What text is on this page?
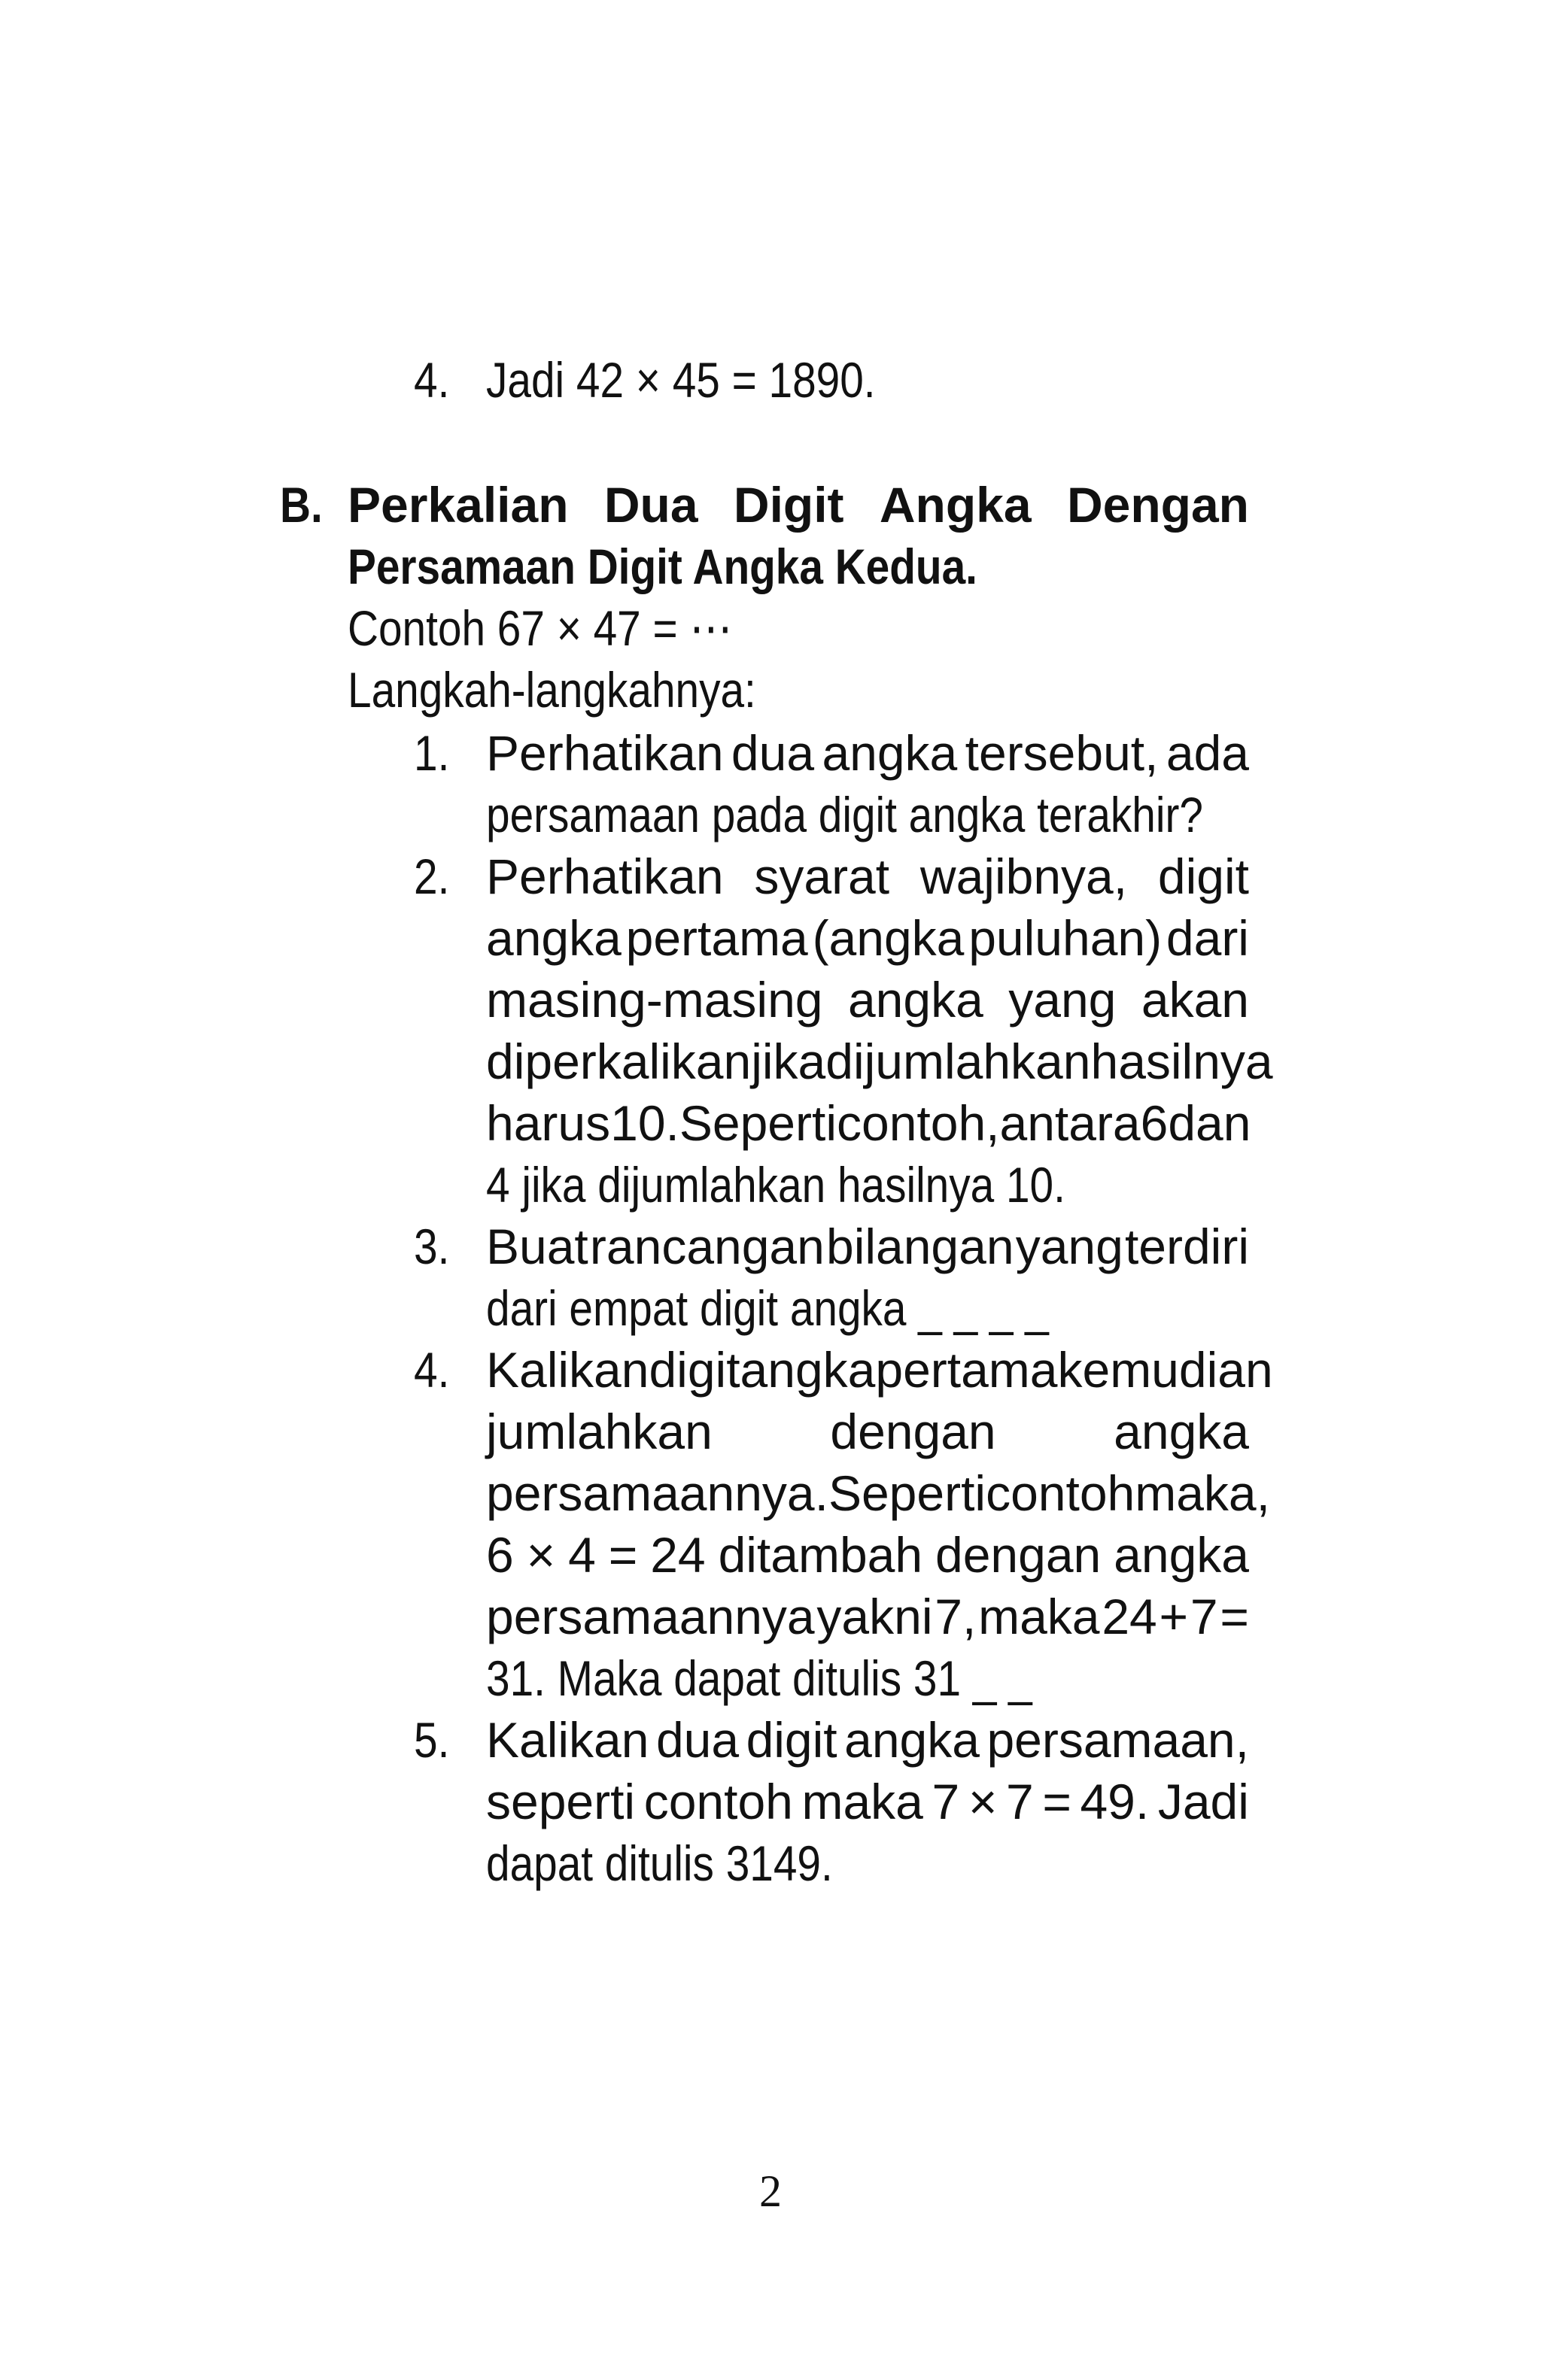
4. Jadi 42 × 45 = 1890.
B. Perkalian Dua Digit Angka Dengan
Persamaan Digit Angka Kedua.
Contoh 67 × 47 = ⋯
Langkah-langkahnya:
1. Perhatikan dua angka tersebut, ada
persamaan pada digit angka terakhir?
2. Perhatikan syarat wajibnya, digit
angka pertama (angka puluhan) dari
masing-masing angka yang akan
diperkalikan jika dijumlahkan hasilnya
harus 10. Seperti contoh, antara 6 dan
4 jika dijumlahkan hasilnya 10.
3. Buat rancangan bilangan yang terdiri
dari empat digit angka _ _ _ _
4. Kalikan digit angka pertama kemudian
jumlahkan dengan angka
persamaannya. Seperti contoh maka,
6 × 4 = 24 ditambah dengan angka
persamaannya yakni 7, maka 24 + 7 =
31. Maka dapat ditulis 31 _ _
5. Kalikan dua digit angka persamaan,
seperti contoh maka 7 × 7 = 49. Jadi
dapat ditulis 3149.
2
